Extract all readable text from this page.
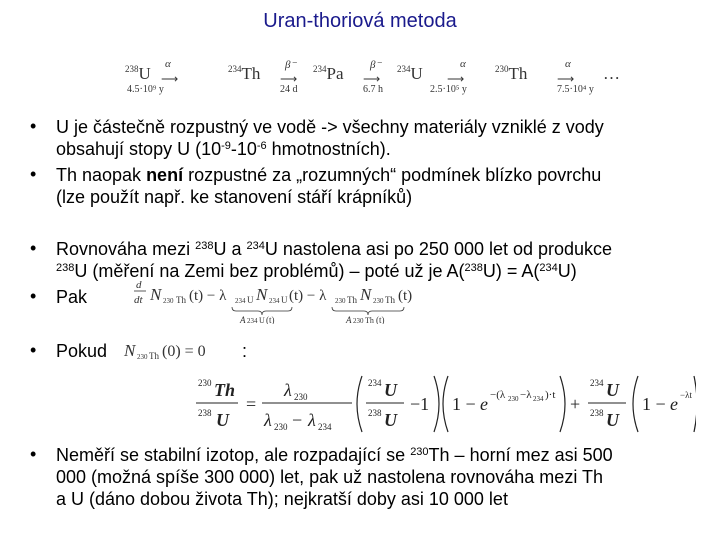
Uran-thoriová metoda
$^{238}$U α
⟶
4.5·10⁹ y
$^{234}$Th β⁻
⟶
24 d
$^{234}$Pa β⁻
⟶
6.7 h
$^{234}$U	α
⟶
2.5·10⁵ y
$^{230}$Th	α
⟶
7.5·10⁴ y
…
• U je částečně rozpustný ve vodě -> všechny materiály vzniklé z vody
obsahují stopy U ($10^{-9}-10^{-6}$ hmotnostních).
• Th naopak není rozpustné za „rozumných“ podmínek blízko povrchu
(lze použít např. ke stanovení stáří krápníků)
• Rovnováha mezi $^{238}$U a $^{234}$U nastolena asi po 250 000 let od produkce
$^{238}$U (měření na Zemi bez problémů) – poté už je A($^{238}$U) = A($^{234}$U)
• Pak
d
dt N 230 Th (t) − λ 234 U N 234 U (t) − λ 230 Th N 230 Th (t)
A 234 U (t)	A 230 Th (t)
• Pokud N 230 Th (0) = 0 :
230 Th
238 U
=
λ 230
λ 230 − λ 234
234 U
238 U
−1 1 − e −(λ 230 −λ 234 )·t +
234 U
238 U
1 − e −λt
• Neměří se stabilní izotop, ale rozpadající se $^{230}$Th – horní mez asi 500
000 (možná spíše 300 000) let, pak už nastolena rovnováha mezi Th
a U (dáno dobou života Th); nejkratší doby asi 10 000 let
